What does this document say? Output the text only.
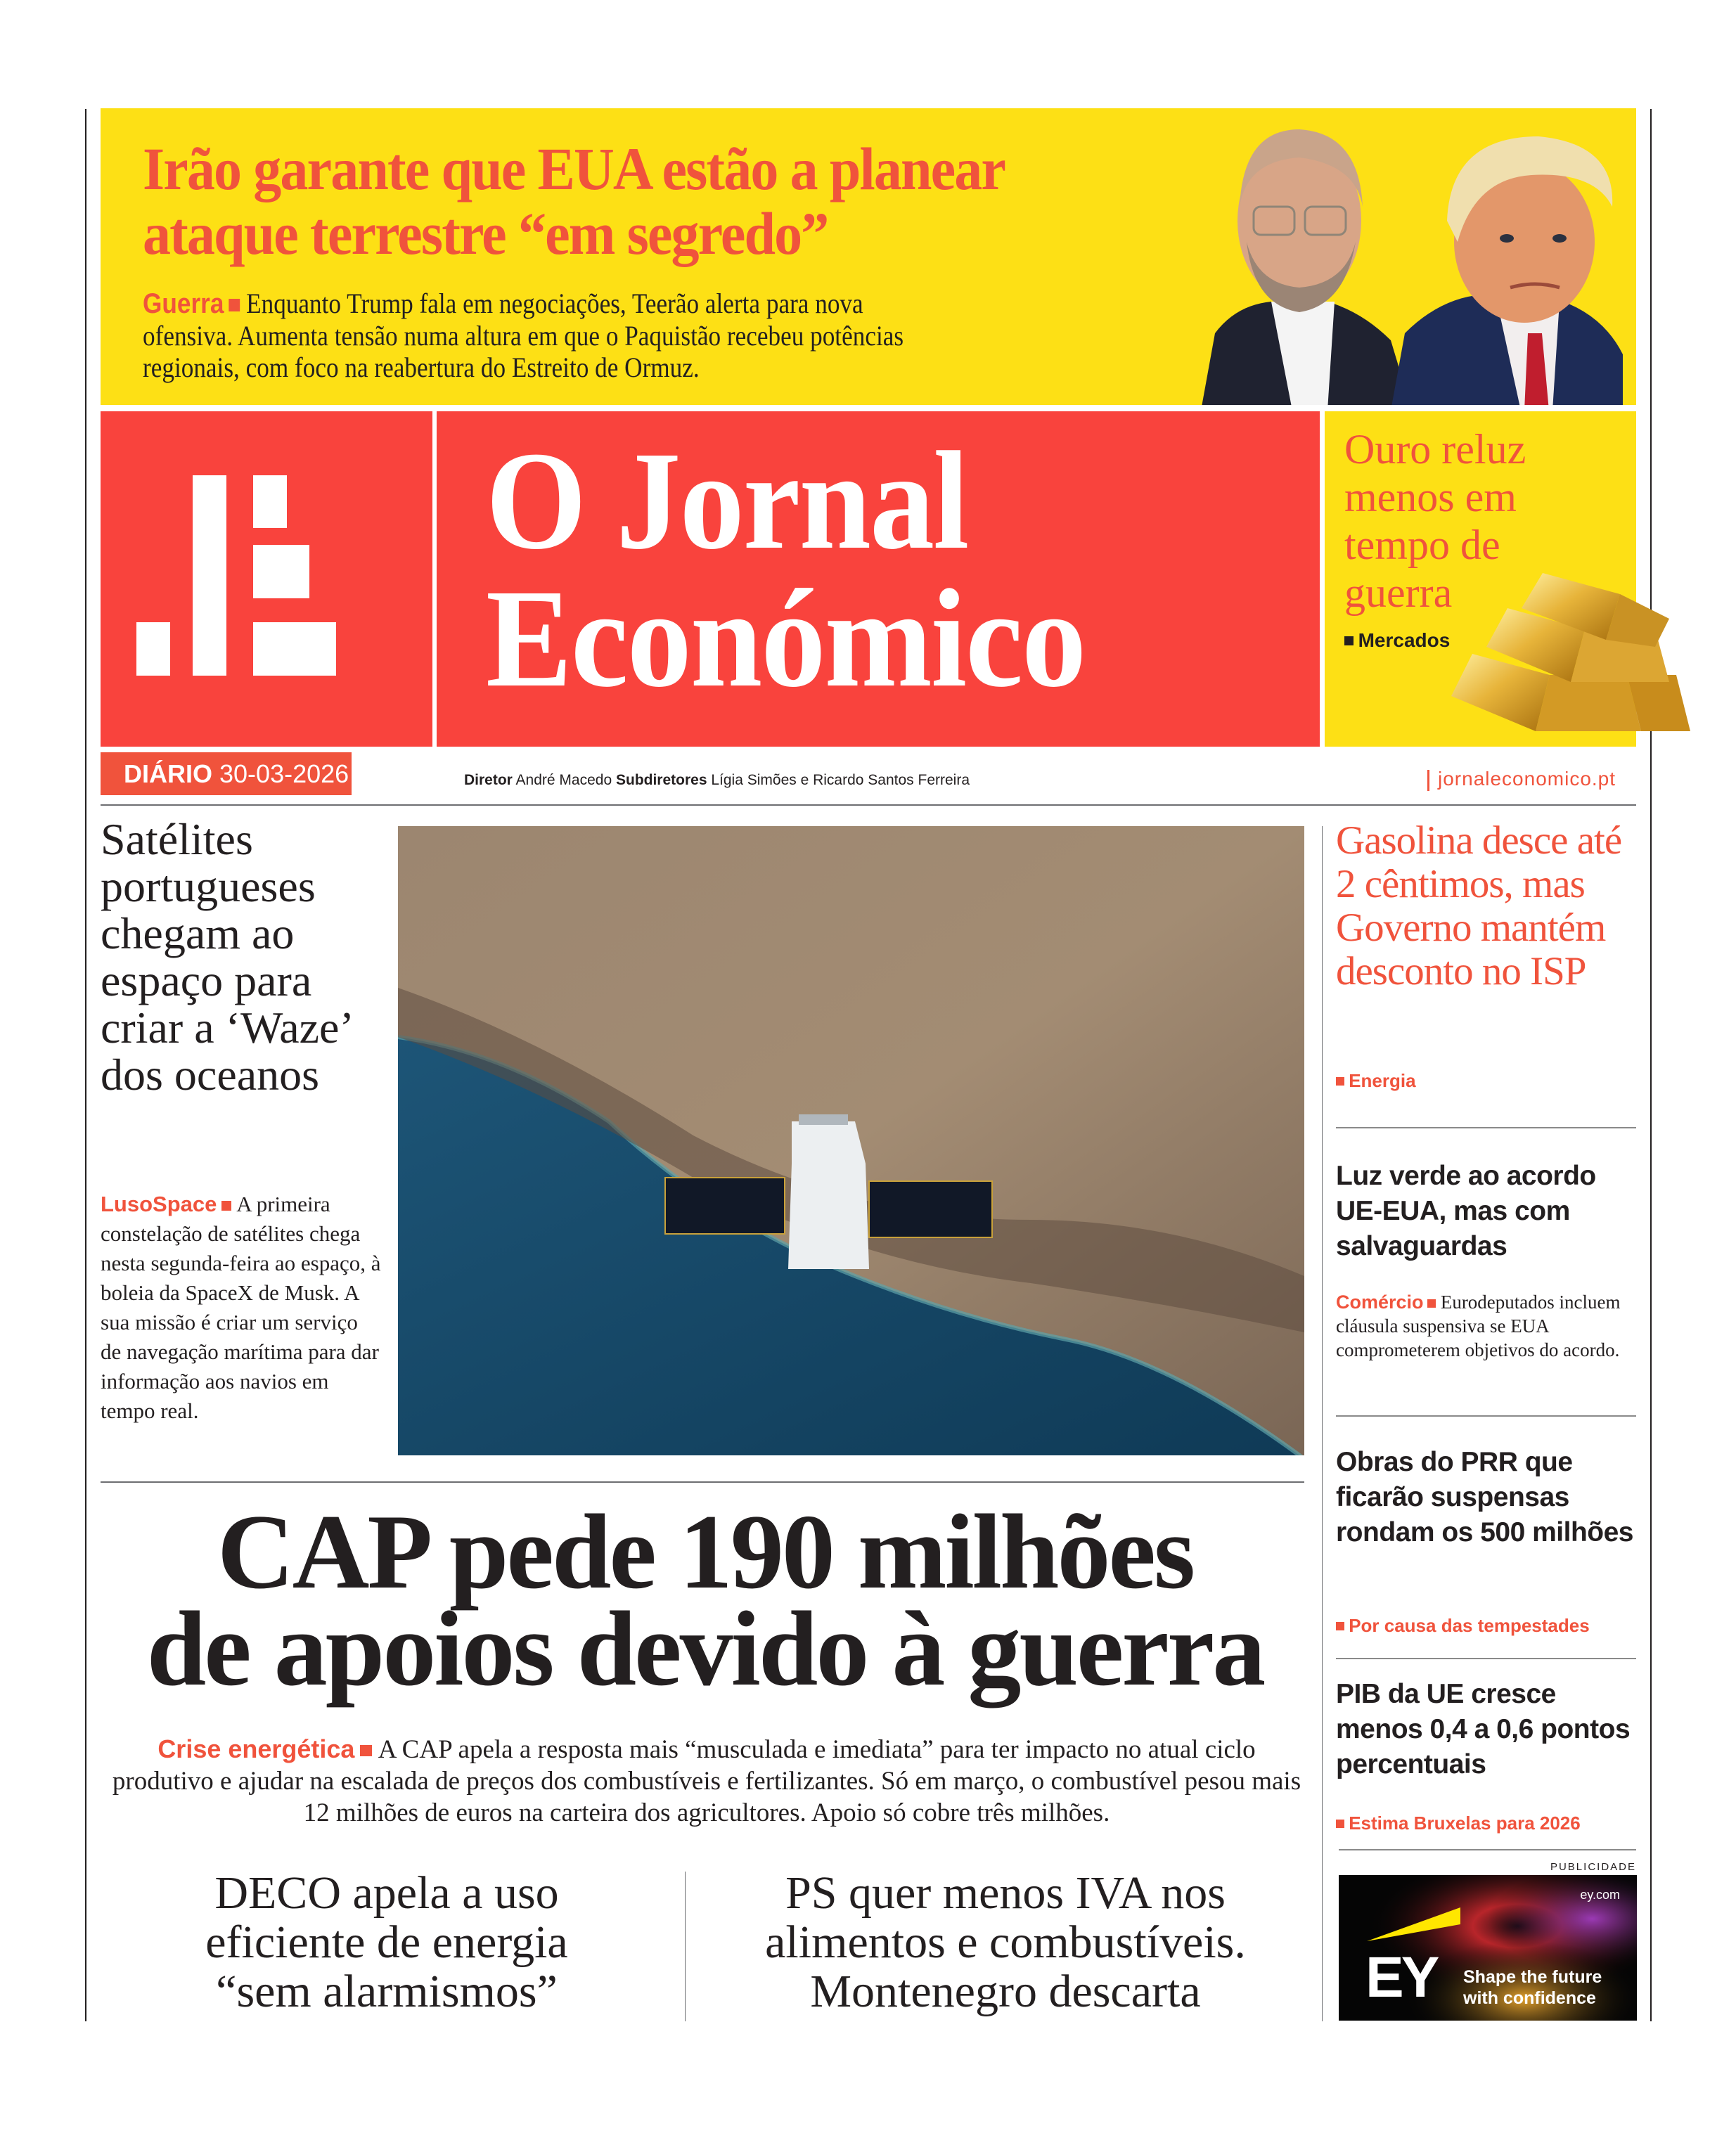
Irão garante que EUA estão a planear
ataque terrestre “em segredo”
Guerra Enquanto Trump fala em negociações, Teerão alerta para nova ofensiva. Aumenta tensão numa altura em que o Paquistão recebeu potências regionais, com foco na reabertura do Estreito de Ormuz.
O Jornal
Económico
Ouro reluz menos em tempo de guerra
Mercados
DIÁRIO 30-03-2026	Diretor André Macedo Subdiretores Lígia Simões e Ricardo Santos Ferreira	jornaleconomico.pt
Satélites portugueses chegam ao espaço para criar a ‘Waze’ dos oceanos
LusoSpace A primeira constelação de satélites chega nesta segunda-feira ao espaço, à boleia da SpaceX de Musk. A sua missão é criar um serviço de navegação marítima para dar informação aos navios em tempo real.
Gasolina desce até 2 cêntimos, mas Governo mantém desconto no ISP
Energia
Luz verde ao acordo UE-EUA, mas com salvaguardas
Comércio Eurodeputados incluem cláusula suspensiva se EUA comprometerem objetivos do acordo.
Obras do PRR que ficarão suspensas rondam os 500 milhões
Por causa das tempestades
PIB da UE cresce menos 0,4 a 0,6 pontos percentuais
Estima Bruxelas para 2026
PUBLICIDADE
ey.com
EY Shape the future
with confidence
CAP pede 190 milhões
de apoios devido à guerra
Crise energética A CAP apela a resposta mais “musculada e imediata” para ter impacto no atual ciclo produtivo e ajudar na escalada de preços dos combustíveis e fertilizantes. Só em março, o combustível pesou mais 12 milhões de euros na carteira dos agricultores. Apoio só cobre três milhões.
DECO apela a uso eficiente de energia “sem alarmismos”
PS quer menos IVA nos alimentos e combustíveis. Montenegro descarta
